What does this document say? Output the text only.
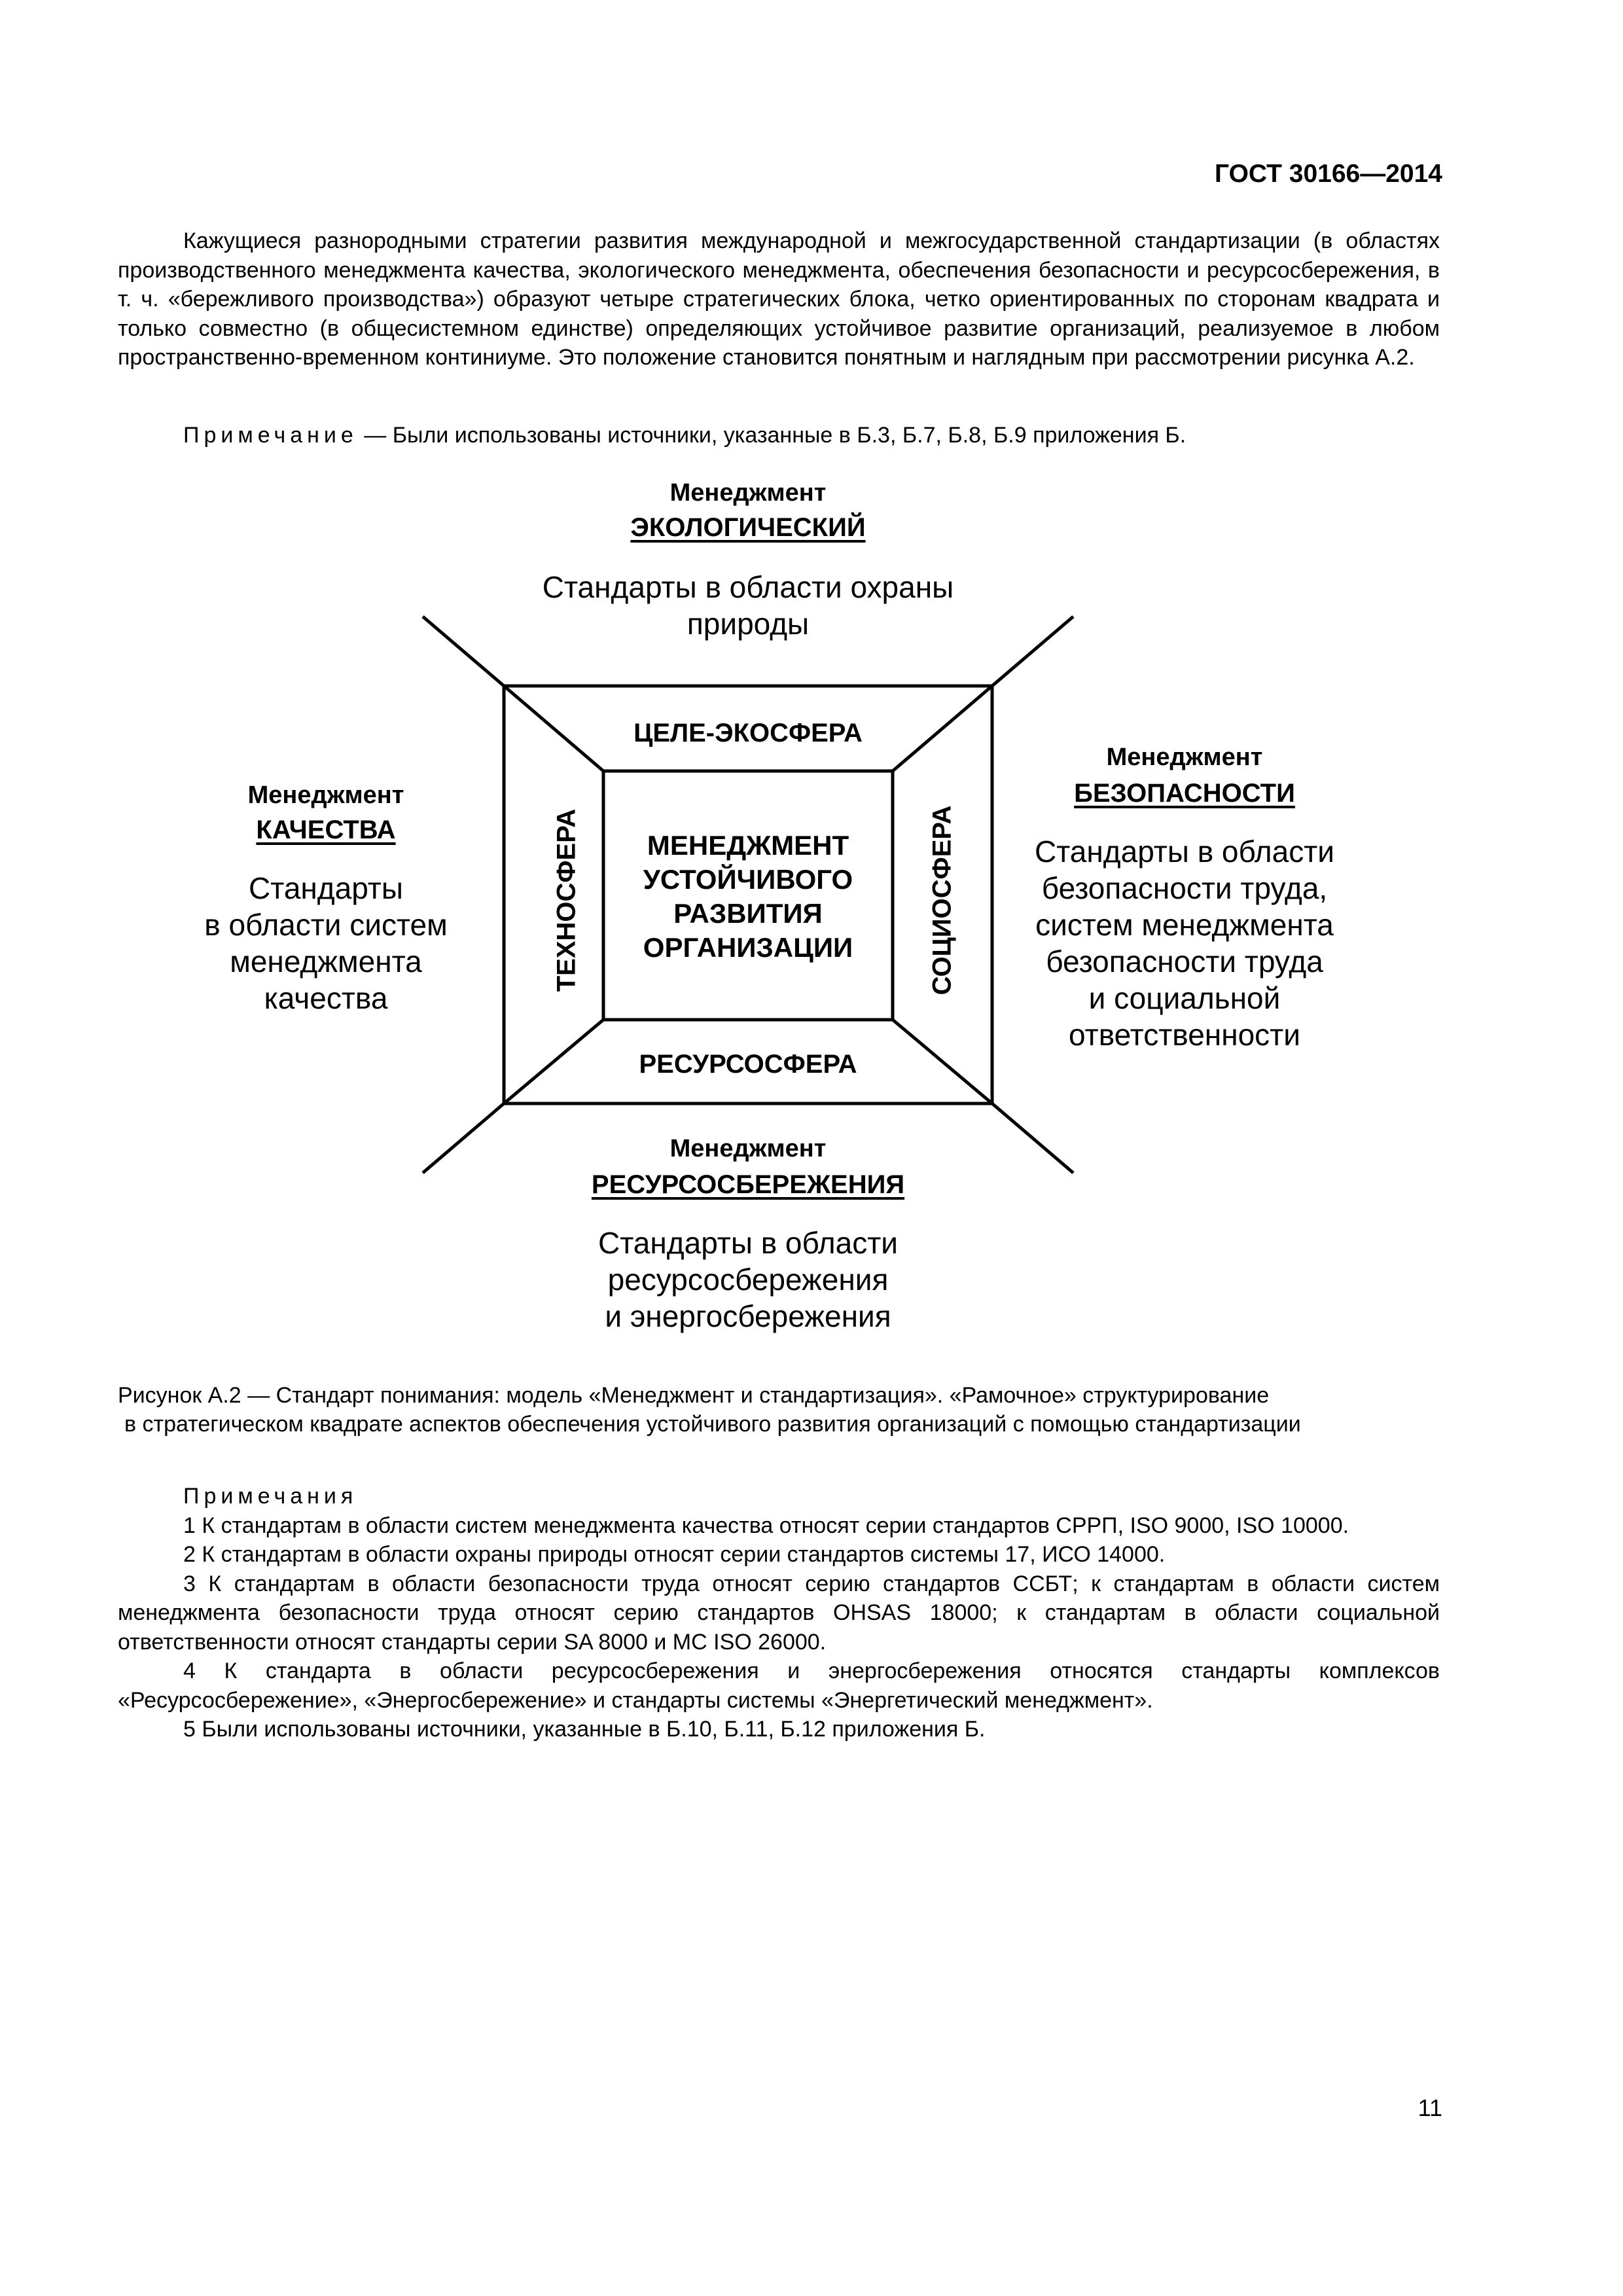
ГОСТ 30166—2014
Кажущиеся разнородными стратегии развития международной и межгосударственной стандартизации (в областях производственного менеджмента качества, экологического менеджмента, обеспечения безопасности и ресурсосбережения, в т. ч. «бережливого производства») образуют четыре стратегических блока, четко ориентированных по сторонам квадрата и только совместно (в общесистемном единстве) определяющих устойчивое развитие организаций, реализуемое в любом пространственно-временном континиуме. Это положение становится понятным и наглядным при рассмотрении рисунка А.2.
Примечание — Были использованы источники, указанные в Б.3, Б.7, Б.8, Б.9 приложения Б.
Менеджмент
ЭКОЛОГИЧЕСКИЙ
Стандарты в области охраны
природы
Менеджмент
КАЧЕСТВА
Стандарты
в области систем
менеджмента
качества
Менеджмент
БЕЗОПАСНОСТИ
Стандарты в области
безопасности труда,
систем менеджмента
безопасности труда
и социальной
ответственности
Менеджмент
РЕСУРСОСБЕРЕЖЕНИЯ
Стандарты в области
ресурсосбережения
и энергосбережения
ЦЕЛЕ-ЭКОСФЕРА
РЕСУРСОСФЕРА
ТЕХНОСФЕРА	СОЦИОСФЕРА
МЕНЕДЖМЕНТ
УСТОЙЧИВОГО
РАЗВИТИЯ
ОРГАНИЗАЦИИ
Рисунок А.2 — Стандарт понимания: модель «Менеджмент и стандартизация». «Рамочное» структурирование
в стратегическом квадрате аспектов обеспечения устойчивого развития организаций с помощью стандартизации

Примечания

1 К стандартам в области систем менеджмента качества относят серии стандартов СРРП, ISO 9000, ISO 10000.

2 К стандартам в области охраны природы относят серии стандартов системы 17, ИСО 14000.

3 К стандартам в области безопасности труда относят серию стандартов ССБТ; к стандартам в области систем менеджмента безопасности труда относят серию стандартов OHSAS 18000; к стандартам в области социальной ответственности относят стандарты серии SA 8000 и MC ISO 26000.

4 К стандарта в области ресурсосбережения и энергосбережения относятся стандарты комплексов «Ресурсосбережение», «Энергосбережение» и стандарты системы «Энергетический менеджмент».

5 Были использованы источники, указанные в Б.10, Б.11, Б.12 приложения Б.

11
